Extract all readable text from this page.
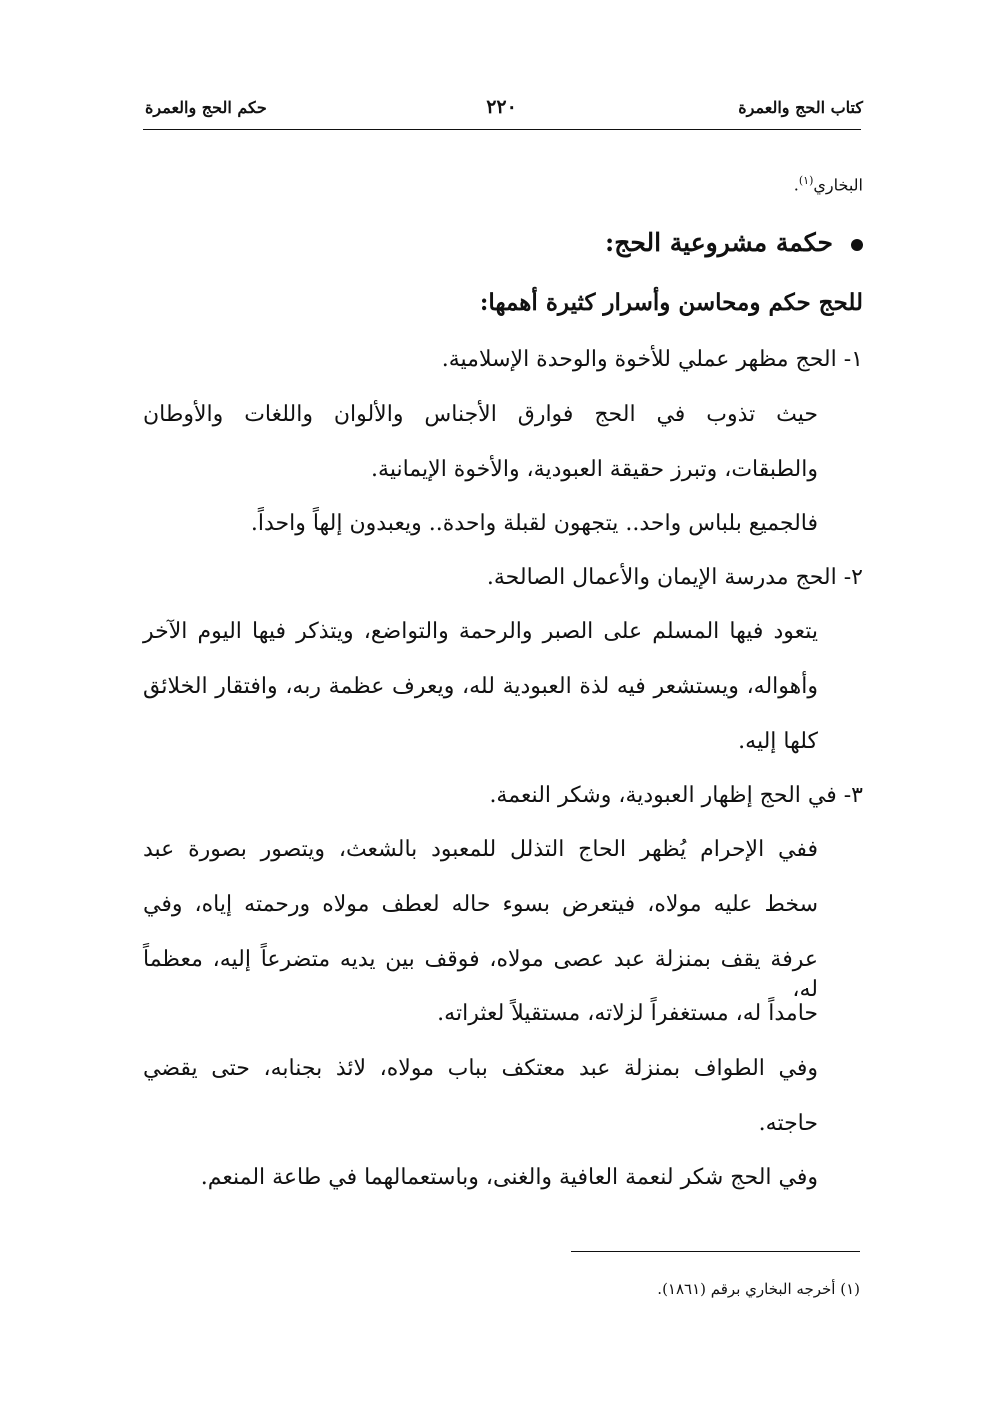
كتاب الحج والعمرة
٢٢٠
حكم الحج والعمرة
البخاري$^{(١)}$.
حكمة مشروعية الحج:
للحج حكم ومحاسن وأسرار كثيرة أهمها:
١- الحج مظهر عملي للأخوة والوحدة الإسلامية.
حيث تذوب في الحج فوارق الأجناس والألوان واللغات والأوطان
والطبقات، وتبرز حقيقة العبودية، والأخوة الإيمانية.
فالجميع بلباس واحد.. يتجهون لقبلة واحدة.. ويعبدون إلهاً واحداً.
٢- الحج مدرسة الإيمان والأعمال الصالحة.
يتعود فيها المسلم على الصبر والرحمة والتواضع، ويتذكر فيها اليوم الآخر
وأهواله، ويستشعر فيه لذة العبودية لله، ويعرف عظمة ربه، وافتقار الخلائق
كلها إليه.
٣- في الحج إظهار العبودية، وشكر النعمة.
ففي الإحرام يُظهر الحاج التذلل للمعبود بالشعث، ويتصور بصورة عبد
سخط عليه مولاه، فيتعرض بسوء حاله لعطف مولاه ورحمته إياه، وفي
عرفة يقف بمنزلة عبد عصى مولاه، فوقف بين يديه متضرعاً إليه، معظماً له،
حامداً له، مستغفراً لزلاته، مستقيلاً لعثراته.
وفي الطواف بمنزلة عبد معتكف بباب مولاه، لائذ بجنابه، حتى يقضي
حاجته.
وفي الحج شكر لنعمة العافية والغنى، وباستعمالهما في طاعة المنعم.
(١) أخرجه البخاري برقم (١٨٦١).
